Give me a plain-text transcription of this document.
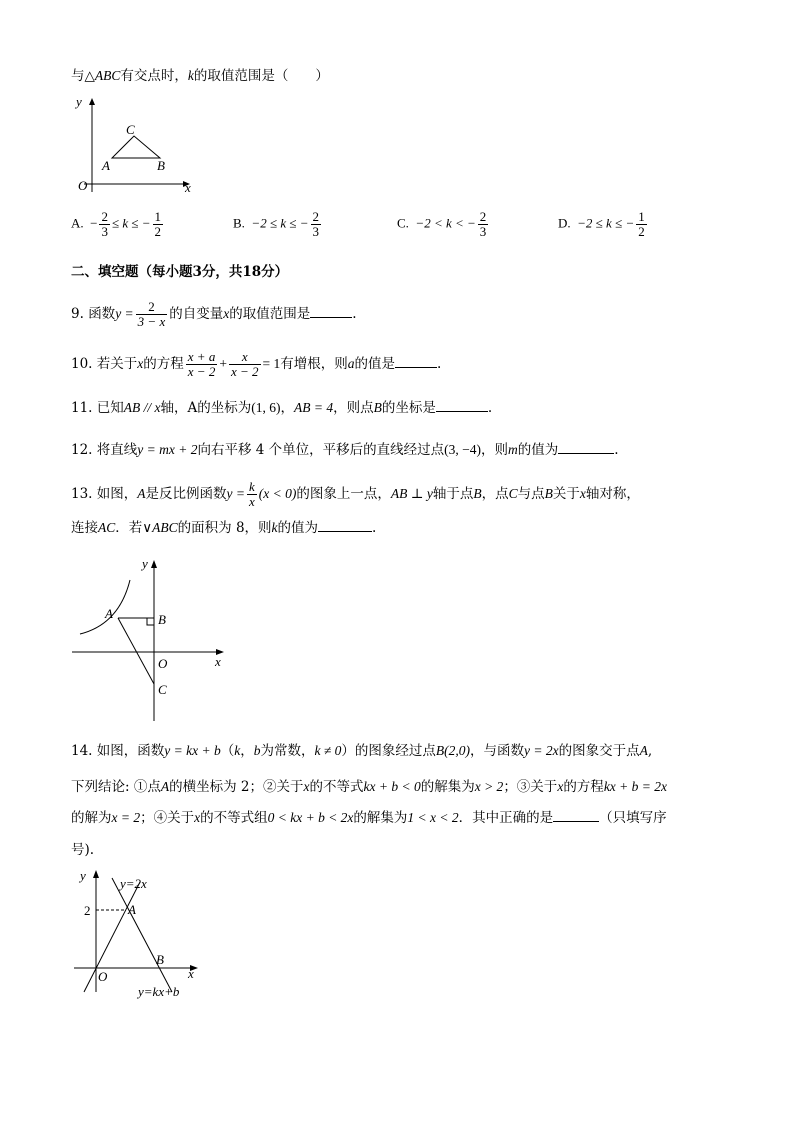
与△ABC有交点时，k的取值范围是（　　）
y
x
O
A	B
C
A. − $\frac{2}{3} \le k$ ≤ − $\frac{1}{2}$	B. −2 ≤ k ≤ − $\frac{2}{3}$	C. −2 < k < − $\frac{2}{3}$	D. −2 ≤ k ≤ − $\frac{1}{2}$
二、填空题（每小题3分，共18分）
9. 函数$y = \frac{2}{3 - x}$ 的自变量x的取值范围是	.
10. 若关于x的方程 $\frac{x + a}{x - 2} + \frac{x}{x - 2} = 1$有增根，则a的值是	.
11. 已知AB // x轴，A的坐标为(1, 6)，AB = 4，则点B的坐标是	.
12. 将直线y = mx + 2向右平移 4 个单位，平移后的直线经过点(3, −4)，则m的值为	.
13. 如图，A是反比例函数$y = \frac{k}{x} (x < 0)$的图象上一点，AB ⊥ y轴于点B，点C与点B关于x轴对称，
连接AC．若∨ABC的面积为 8，则k的值为	.
y
x
O
A	B
C
14. 如图，函数y = kx + b（k，b为常数，k ≠ 0）的图象经过点B(2,0)，与函数y = 2x的图象交于点A,
下列结论: ①点A的横坐标为 2；②关于x的不等式kx + b < 0的解集为x > 2；③关于x的方程kx + b = 2x
的解为x = 2；④关于x的不等式组0 < kx + b < 2x的解集为1 < x < 2．其中正确的是	（只填写序
号).
y
x
O
A
B
2
y=2x
y=kx+b
